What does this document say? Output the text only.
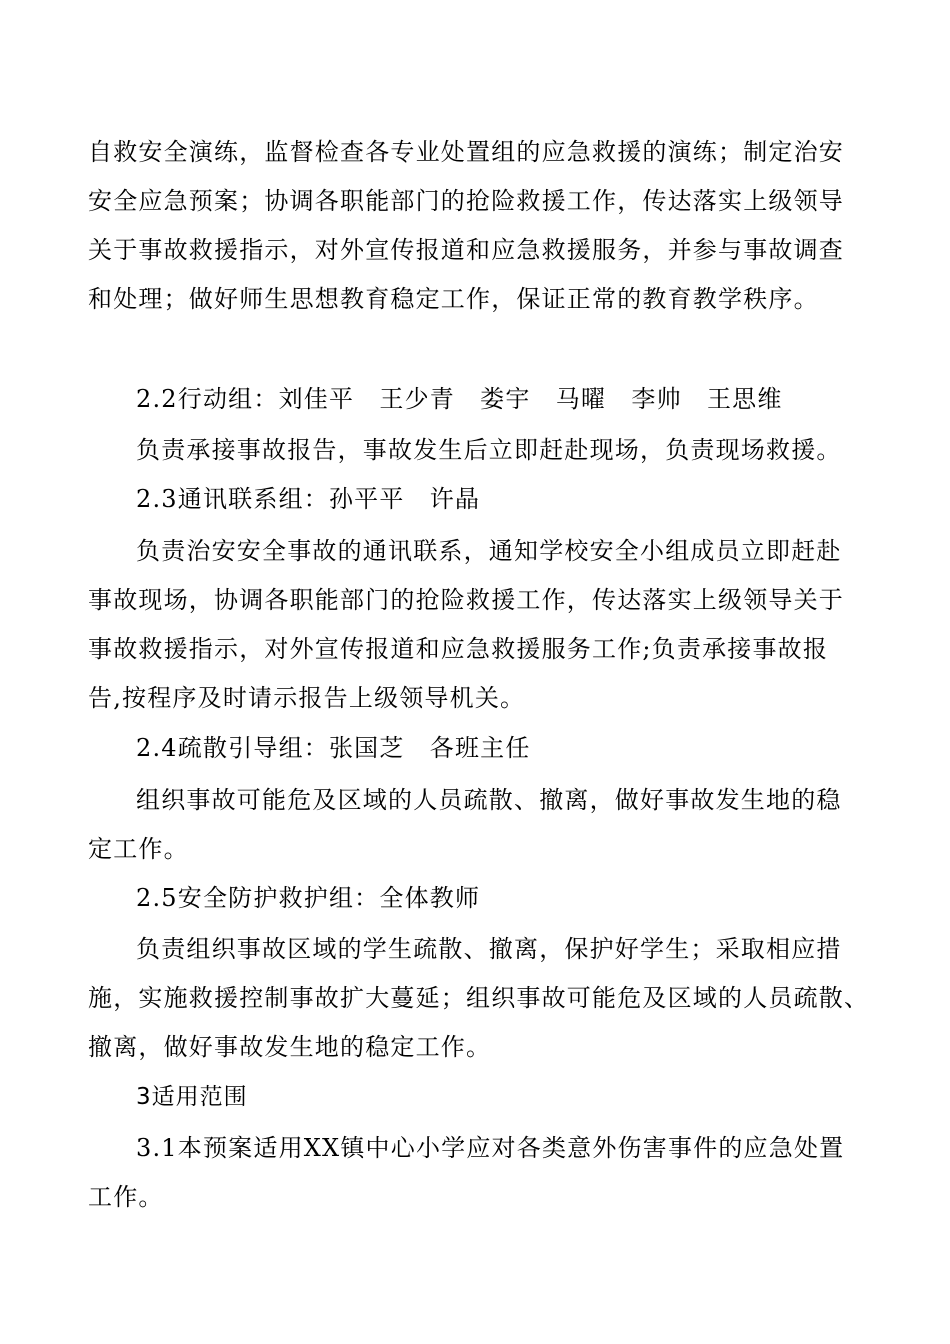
自救安全演练，监督检查各专业处置组的应急救援的演练；制定治安
安全应急预案；协调各职能部门的抢险救援工作，传达落实上级领导
关于事故救援指示，对外宣传报道和应急救援服务，并参与事故调查
和处理；做好师生思想教育稳定工作，保证正常的教育教学秩序。
2.2行动组：刘佳平　王少青　娄宇　马曜　李帅　王思维
负责承接事故报告，事故发生后立即赶赴现场，负责现场救援。
2.3通讯联系组：孙平平　许晶
负责治安安全事故的通讯联系，通知学校安全小组成员立即赶赴
事故现场，协调各职能部门的抢险救援工作，传达落实上级领导关于
事故救援指示，对外宣传报道和应急救援服务工作;负责承接事故报
告,按程序及时请示报告上级领导机关。
2.4疏散引导组：张国芝　各班主任
组织事故可能危及区域的人员疏散、撤离，做好事故发生地的稳
定工作。
2.5安全防护救护组：全体教师
负责组织事故区域的学生疏散、撤离，保护好学生；采取相应措
施，实施救援控制事故扩大蔓延；组织事故可能危及区域的人员疏散、
撤离，做好事故发生地的稳定工作。
3适用范围
3.1本预案适用XX镇中心小学应对各类意外伤害事件的应急处置
工作。
